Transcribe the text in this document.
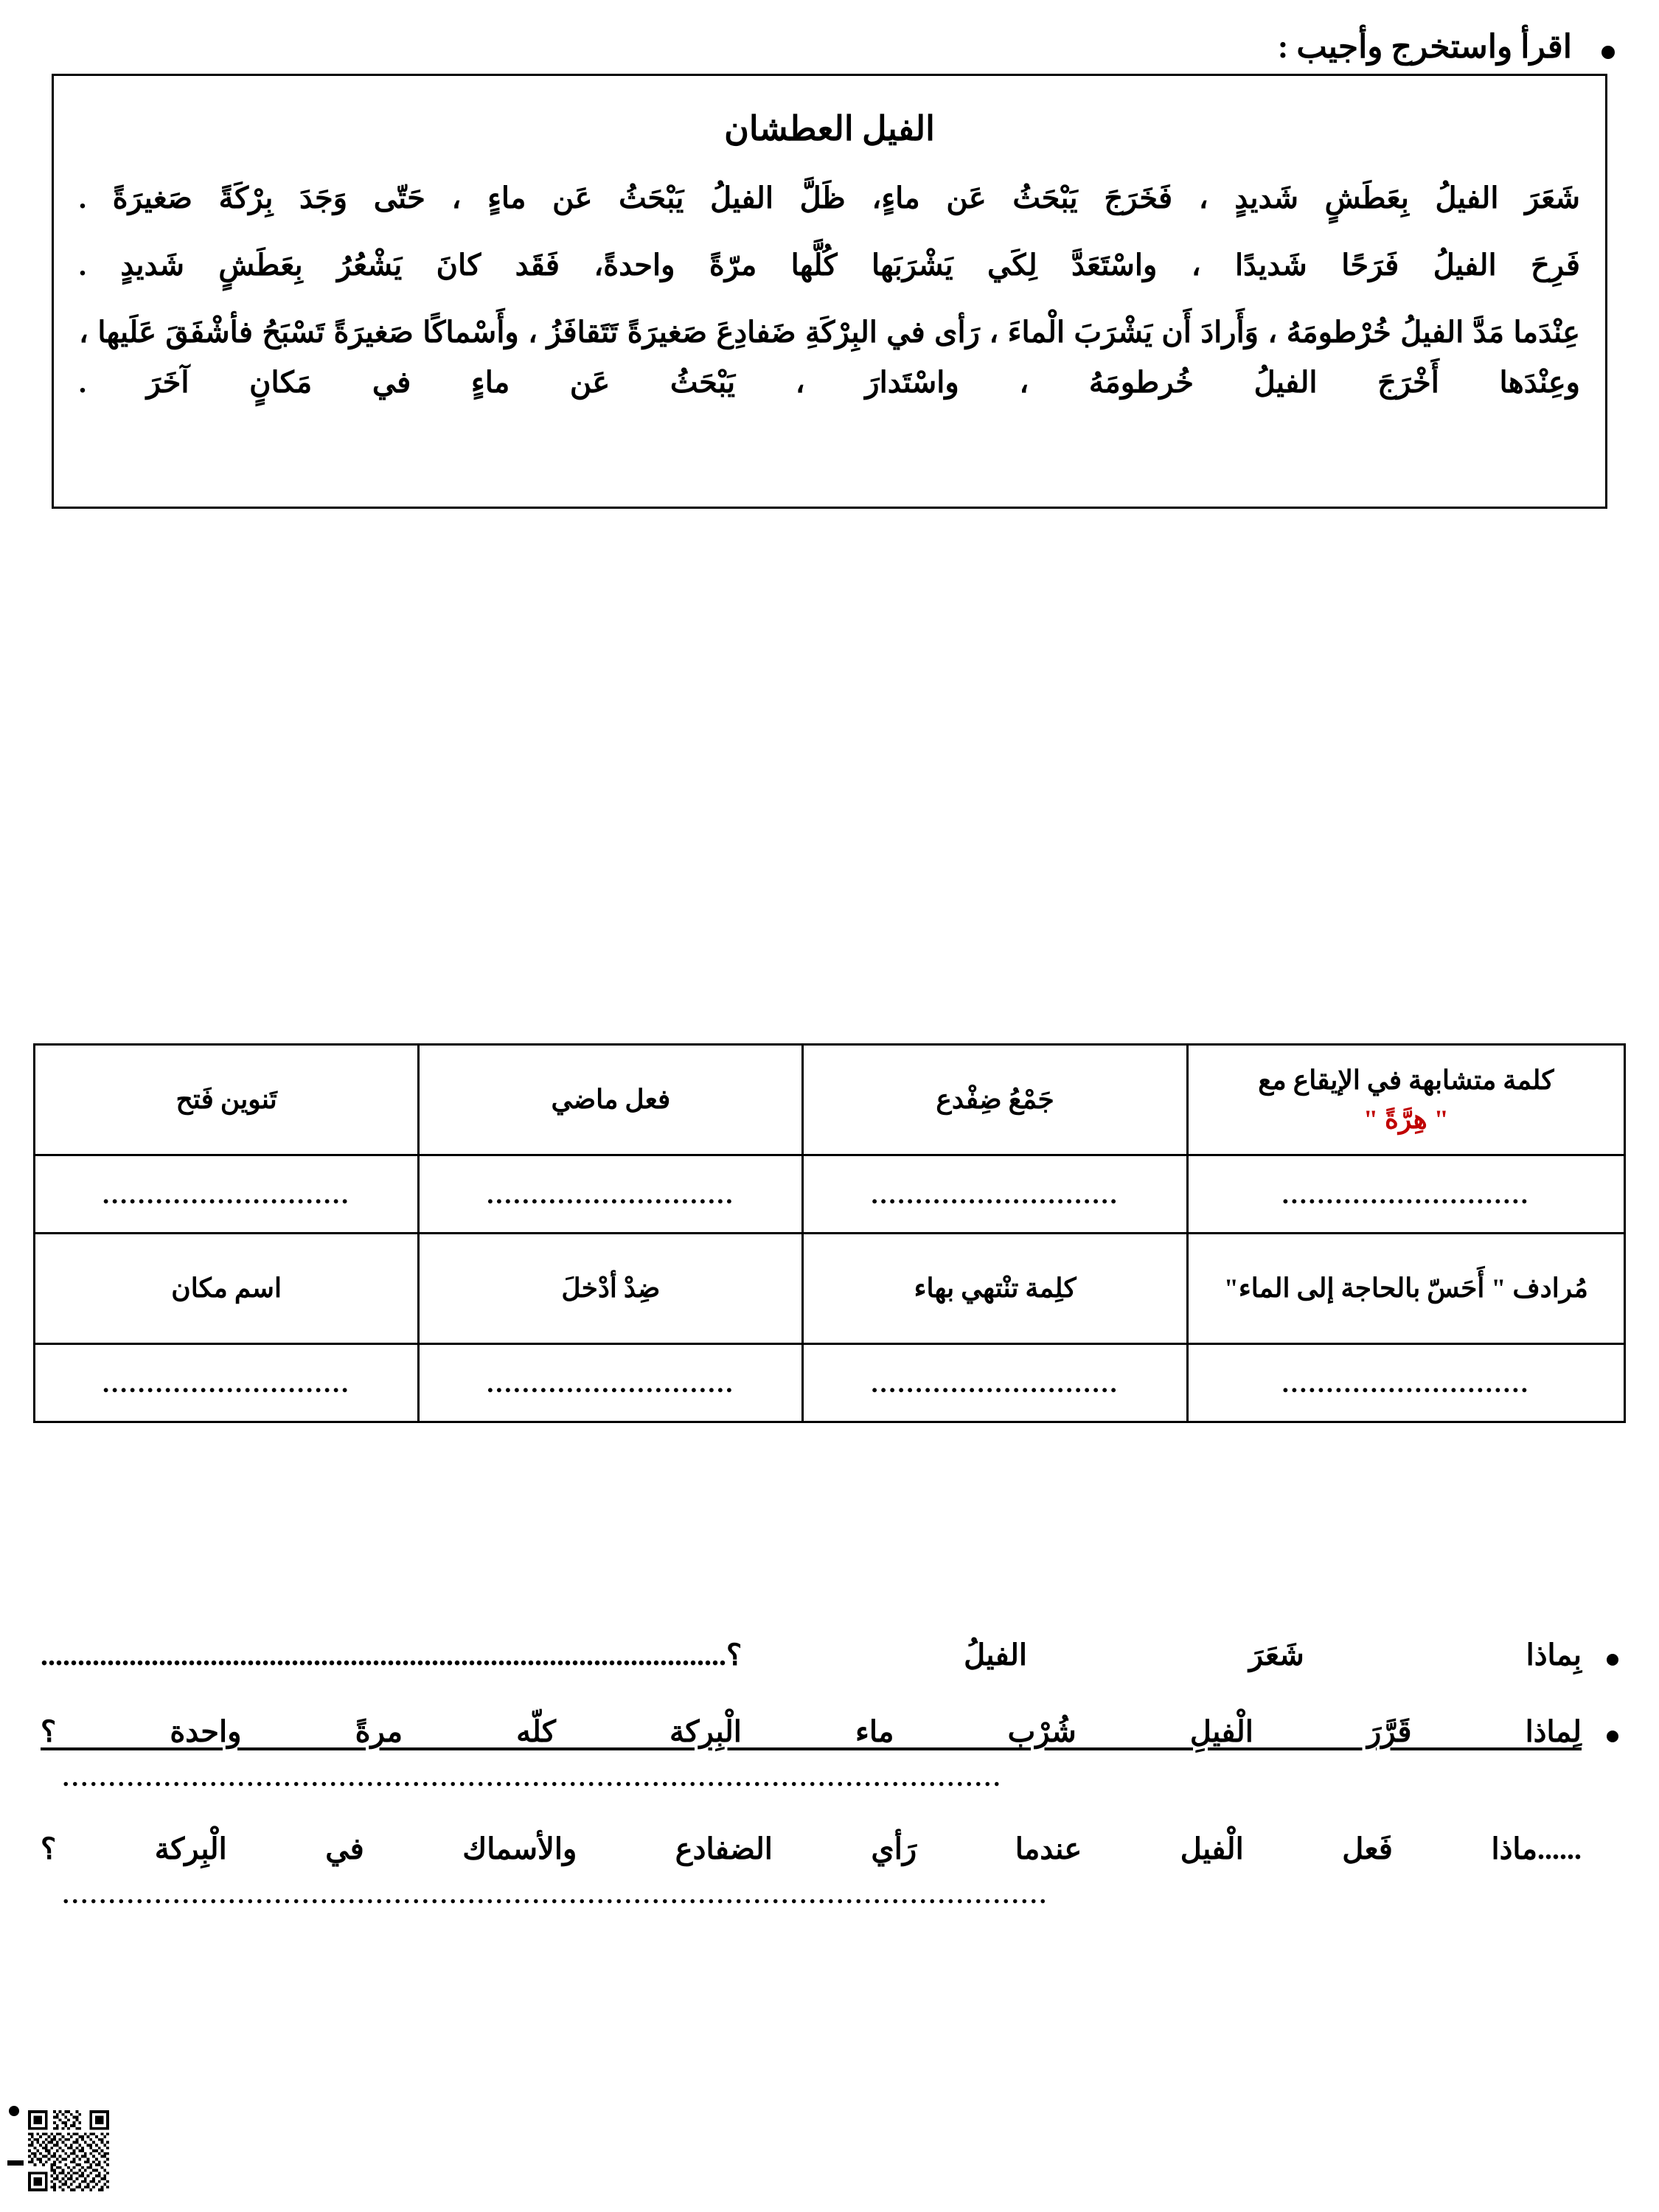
اقرأ واستخرج وأجيب :
الفيل العطشان

شَعَرَ الفيلُ بِعَطَشٍ شَديدٍ ، فَخَرَجَ يَبْحَثُ عَن ماءٍ، ظَلَّ الفيلُ يَبْحَثُ عَن ماءٍ ، حَتّى وَجَدَ بِرْكَةً صَغيرَةً .

فَرِحَ الفيلُ فَرَحًا شَديدًا ، واسْتَعَدَّ لِكَي يَشْرَبَها كُلَّها مرّةً واحدةً، فَقَد كانَ يَشْعُرُ بِعَطَشٍ شَديدٍ .

عِنْدَما مَدَّ الفيلُ خُرْطومَهُ ، وَأَرادَ أَن يَشْرَبَ الْماءَ ، رَأى في البِرْكَةِ ضَفادِعَ صَغيرَةً تَتَقافَزُ ، وأَسْماكًا صَغيرَةً تَسْبَحُ فأشْفَقَ عَلَيها ، وعِنْدَها أَخْرَجَ الفيلُ خُرطومَهُ ، واسْتَدارَ ، يَبْحَثُ عَن ماءٍ في مَكانٍ آخَرَ .

كلمة متشابهة في الإيقاع مع
" هِرَّةً "	جَمْعُ ضِفْدع	فعل ماضي	تَنوين فَتح
............................	............................	............................	............................
مُرادف " أَحَسّ بالحاجة إلى الماء"	كلِمة تنْتهي بهاء	ضِدْ أدْخلَ	اسم مكان
............................	............................	............................	............................
بِماذا شَعَرَ الفيلُ ؟.............................................................................................
لِماذا قَرَّرَ الْفيلِ شُرْب ماء الْبِركة كلّه مرةً واحدة ؟
......................................................................................................
......ماذا فَعل الْفيل عندما رَأي الضفادع والأسماك في الْبِركة ؟
...........................................................................................................
